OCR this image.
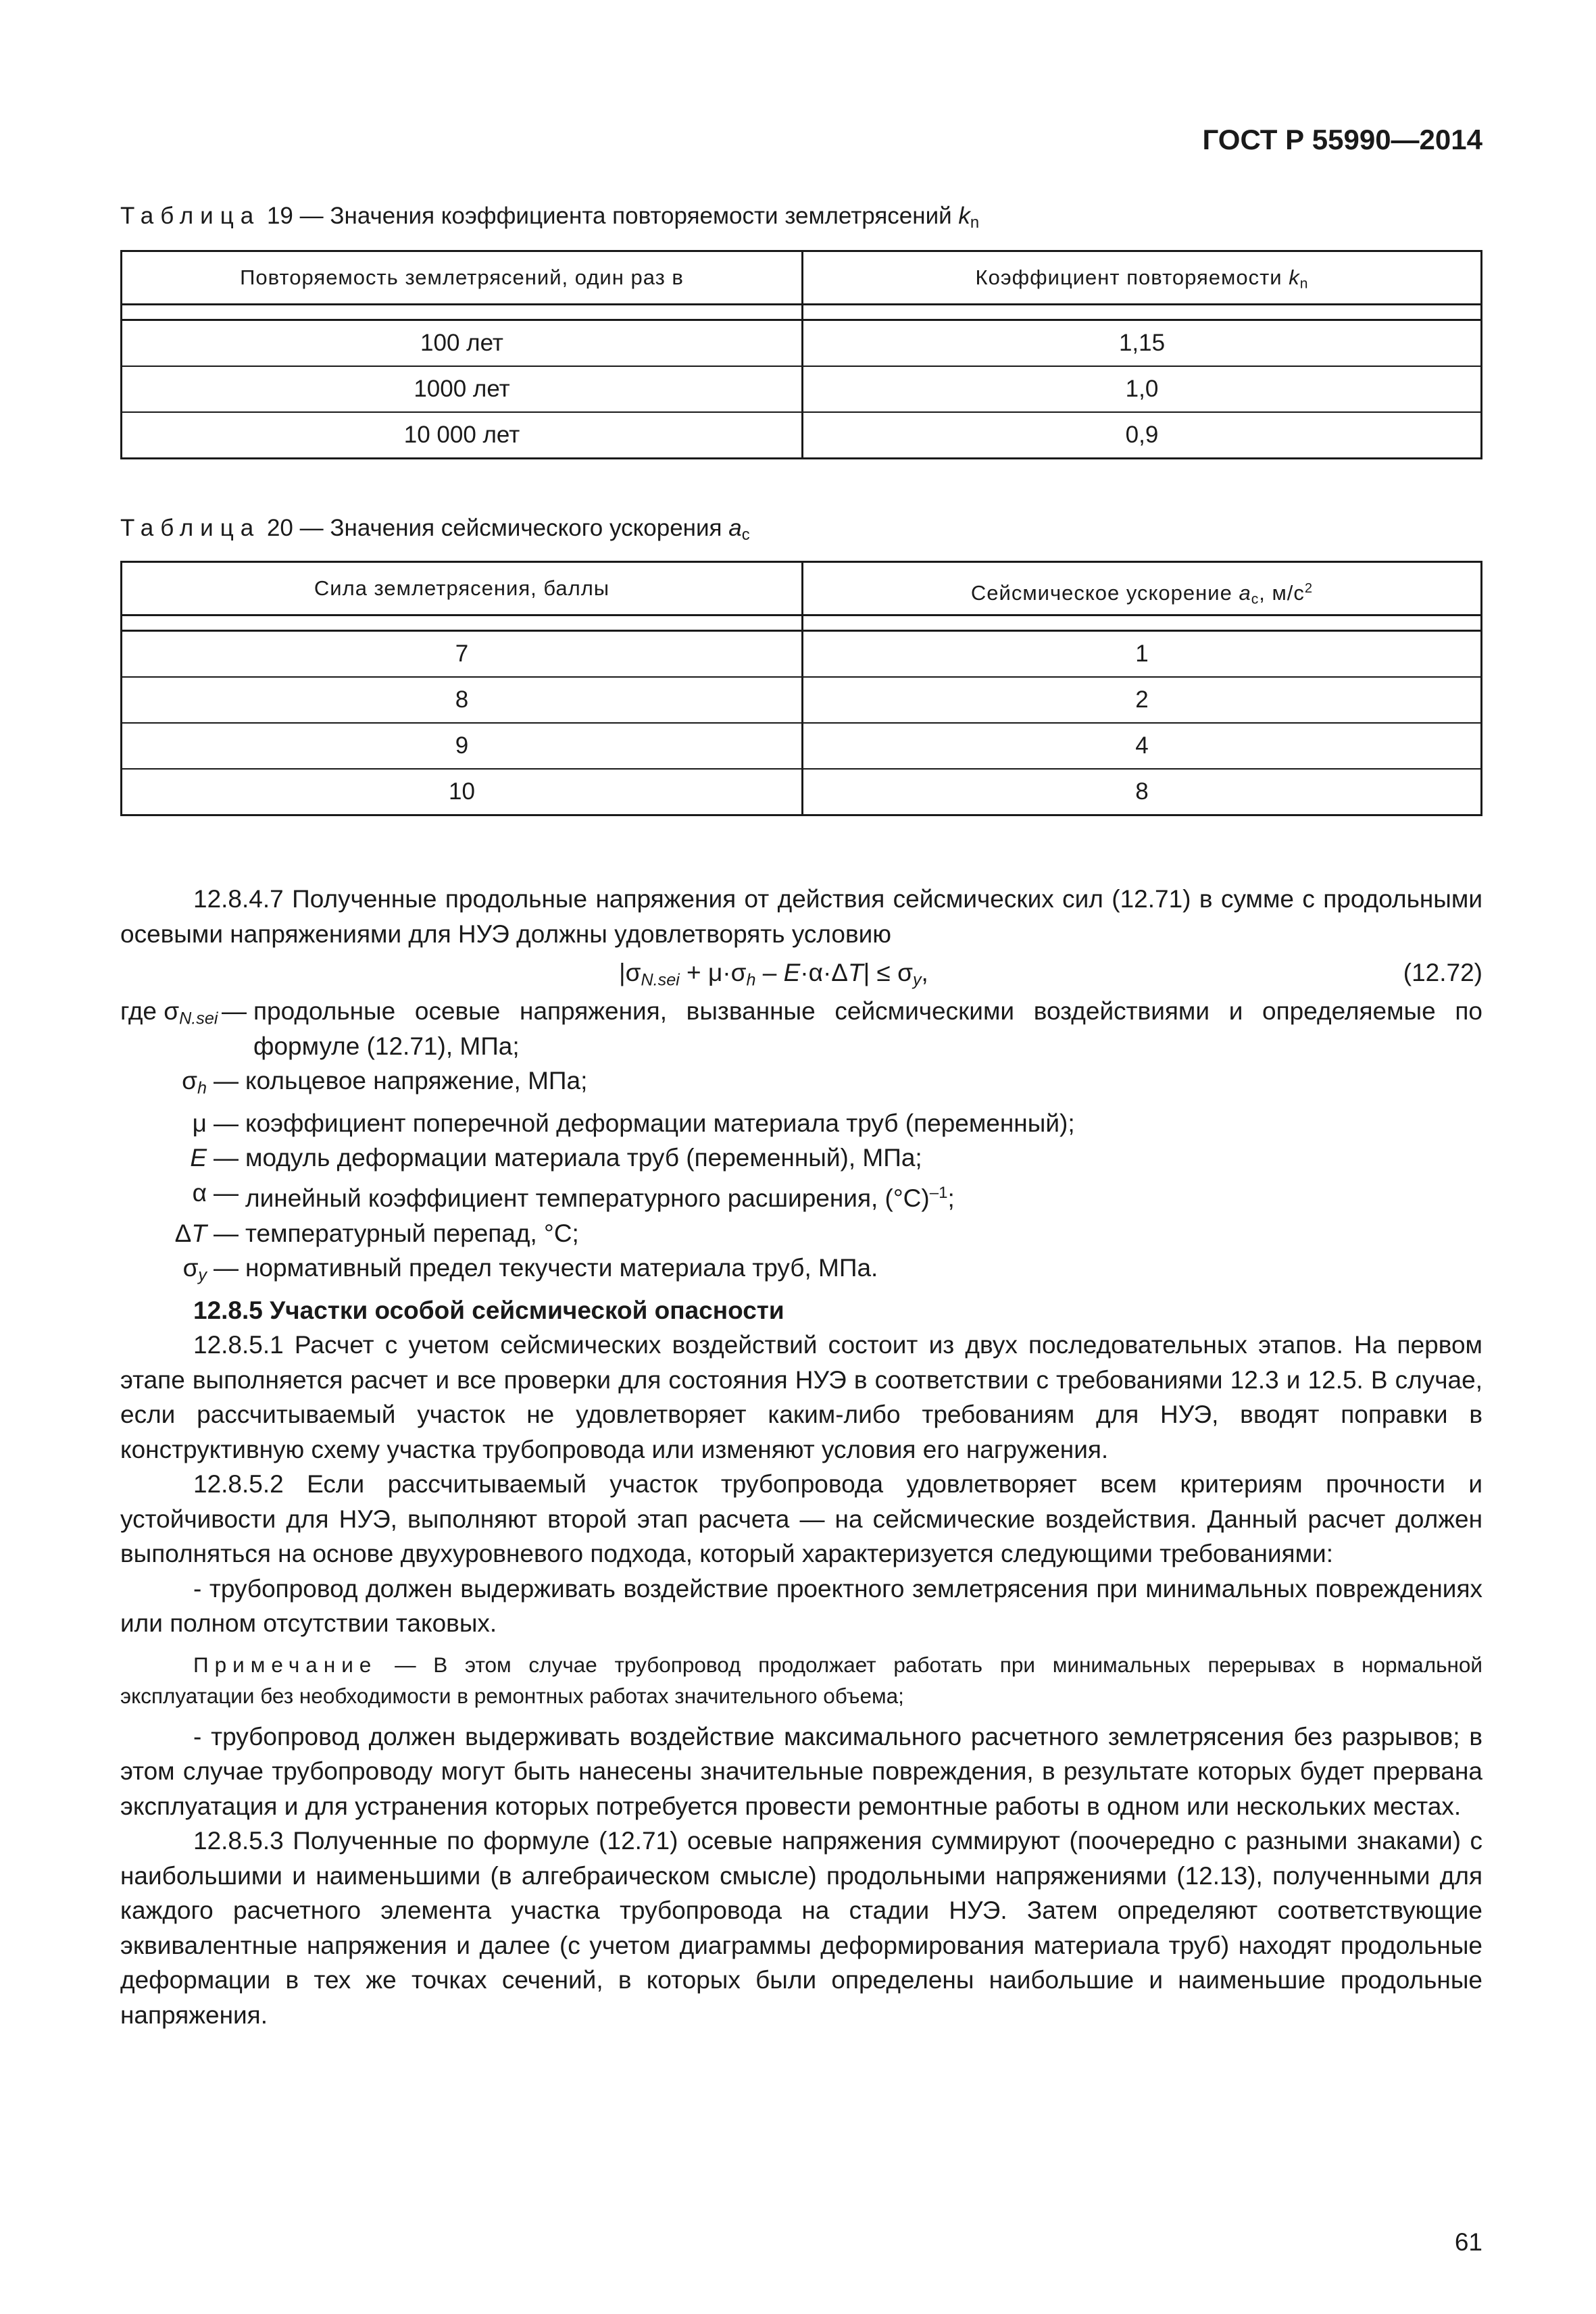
ГОСТ Р 55990—2014
Таблица 19 — Значения коэффициента повторяемости землетрясений $k_n$
Повторяемость землетрясений, один раз в	Коэффициент повторяемости $k_n$
100 лет	1,15
1000 лет	1,0
10 000 лет	0,9
Таблица 20 — Значения сейсмического ускорения $a_c$
Сила землетрясения, баллы	Сейсмическое ускорение $a_c$, $м/с^2$
7	1
8	2
9	4
10	8

12.8.4.7 Полученные продольные напряжения от действия сейсмических сил (12.71) в сумме с продольными осевыми напряжениями для НУЭ должны удовлетворять условию

$|\sigma_{N.sei} + \mu\cdot\sigma_h - E\cdot\alpha\cdot\Delta T| \le \sigma_y$,	(12.72)
где $\sigma_{N.sei}$ — продольные осевые напряжения, вызванные сейсмическими воздействиями и определяемые по формуле (12.71), МПа;
$\sigma_h$ — кольцевое напряжение, МПа;
μ — коэффициент поперечной деформации материала труб (переменный);
E — модуль деформации материала труб (переменный), МПа;
α — линейный коэффициент температурного расширения, $(^\circ С)^{-1}$;
ΔT — температурный перепад, °С;
$\sigma_y$ — нормативный предел текучести материала труб, МПа.

12.8.5 Участки особой сейсмической опасности

12.8.5.1 Расчет с учетом сейсмических воздействий состоит из двух последовательных этапов. На первом этапе выполняется расчет и все проверки для состояния НУЭ в соответствии с требованиями 12.3 и 12.5. В случае, если рассчитываемый участок не удовлетворяет каким-либо требованиям для НУЭ, вводят поправки в конструктивную схему участка трубопровода или изменяют условия его нагружения.

12.8.5.2 Если рассчитываемый участок трубопровода удовлетворяет всем критериям прочности и устойчивости для НУЭ, выполняют второй этап расчета — на сейсмические воздействия. Данный расчет должен выполняться на основе двухуровневого подхода, который характеризуется следующими требованиями:

- трубопровод должен выдерживать воздействие проектного землетрясения при минимальных повреждениях или полном отсутствии таковых.

Примечание — В этом случае трубопровод продолжает работать при минимальных перерывах в нормальной эксплуатации без необходимости в ремонтных работах значительного объема;

- трубопровод должен выдерживать воздействие максимального расчетного землетрясения без разрывов; в этом случае трубопроводу могут быть нанесены значительные повреждения, в результате которых будет прервана эксплуатация и для устранения которых потребуется провести ремонтные работы в одном или нескольких местах.

12.8.5.3 Полученные по формуле (12.71) осевые напряжения суммируют (поочередно с разными знаками) с наибольшими и наименьшими (в алгебраическом смысле) продольными напряжениями (12.13), полученными для каждого расчетного элемента участка трубопровода на стадии НУЭ. Затем определяют соответствующие эквивалентные напряжения и далее (с учетом диаграммы деформирования материала труб) находят продольные деформации в тех же точках сечений, в которых были определены наибольшие и наименьшие продольные напряжения.

61
